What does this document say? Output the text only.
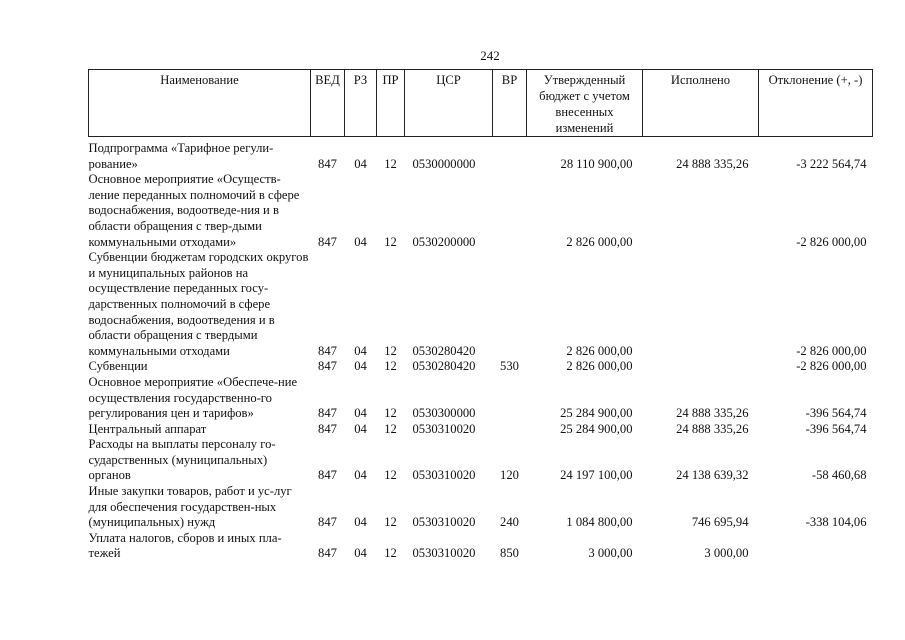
242
Наименование	ВЕД	РЗ	ПР	ЦСР	ВР	Утвержденный бюджет с учетом внесенных изменений	Исполнено	Отклонение (+, -)

Подпрограмма «Тарифное регули-рование»	847	04	12	0530000000		28 110 900,00	24 888 335,26	-3 222 564,74
Основное мероприятие «Осуществ-ление переданных полномочий в сфере водоснабжения, водоотведе-ния и в области обращения с твер-дыми коммунальными отходами»	847	04	12	0530200000		2 826 000,00		-2 826 000,00
Субвенции бюджетам городских округов и муниципальных районов на осуществление переданных госу-дарственных полномочий в сфере водоснабжения, водоотведения и в области обращения с твердыми коммунальными отходами	847	04	12	0530280420		2 826 000,00		-2 826 000,00
Субвенции	847	04	12	0530280420	530	2 826 000,00		-2 826 000,00
Основное мероприятие «Обеспече-ние осуществления государственно-го регулирования цен и тарифов»	847	04	12	0530300000		25 284 900,00	24 888 335,26	-396 564,74
Центральный аппарат	847	04	12	0530310020		25 284 900,00	24 888 335,26	-396 564,74
Расходы на выплаты персоналу го-сударственных (муниципальных) органов	847	04	12	0530310020	120	24 197 100,00	24 138 639,32	-58 460,68
Иные закупки товаров, работ и ус-луг для обеспечения государствен-ных (муниципальных) нужд	847	04	12	0530310020	240	1 084 800,00	746 695,94	-338 104,06
Уплата налогов, сборов и иных пла-тежей	847	04	12	0530310020	850	3 000,00	3 000,00	
